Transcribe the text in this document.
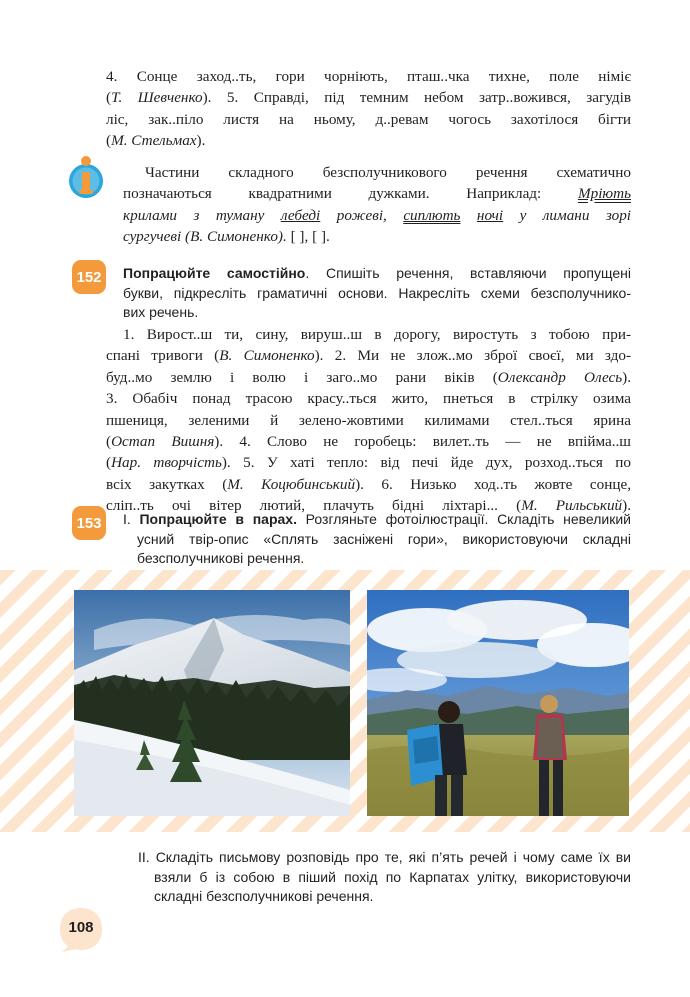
4. Сонце заход..ть, гори чорніють, пташ..чка тихне, поле німіє
(Т. Шевченко). 5. Справді, під темним небом затр..вожився, загудів
ліс, зак..піло листя на ньому, д..ревам чогось захотілося бігти
(М. Стельмах).
Частини складного безсполучникового речення схематично
позначаються квадратними дужками. Наприклад: Мріють
крилами з туману лебеді рожеві, сиплють ночі у лимани зорі
сургучеві (В. Симоненко). [ ], [ ].
152	Попрацюйте самостійно. Спишіть речення, вставляючи пропущені
букви, підкресліть граматичні основи. Накресліть схеми безсполучнико-
вих речень.
1. Вирост..ш ти, сину, вируш..ш в дорогу, виростуть з тобою при-
спані тривоги (В. Симоненко). 2. Ми не злож..мо зброї своєї, ми здо-
буд..мо землю і волю і заго..мо рани віків (Олександр Олесь).
3. Обабіч понад трасою красу..ться жито, пнеться в стрілку озима
пшениця, зеленими й зелено-жовтими килимами стел..ться ярина
(Остап Вишня). 4. Слово не горобець: вилет..ть — не впійма..ш
(Нар. творчість). 5. У хаті тепло: від печі йде дух, розход..ться по
всіх закутках (М. Коцюбинський). 6. Низько ход..ть жовте сонце,
сліп..ть очі вітер лютий, плачуть бідні ліхтарі... (М. Рильський).
153	І. Попрацюйте в парах. Розгляньте фотоілюстрації. Складіть невеликий
усний твір-опис «Сплять засніжені гори», використовуючи складні
безсполучникові речення.
ІІ. Складіть письмову розповідь про те, які п’ять речей і чому саме їх ви
взяли б із собою в піший похід по Карпатах улітку, використовуючи
складні безсполучникові речення.
108
